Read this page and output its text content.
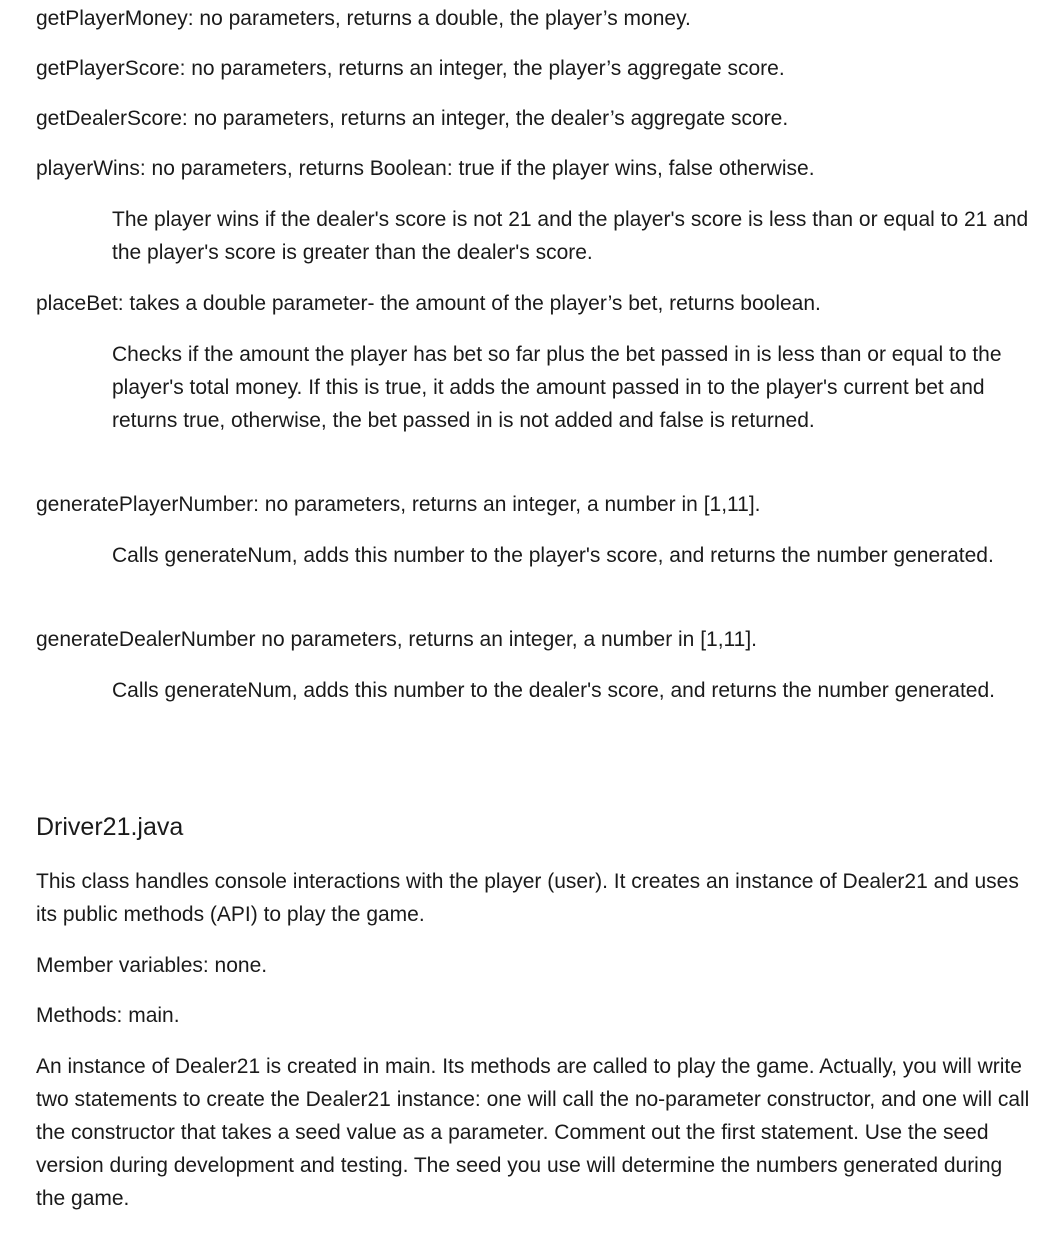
getPlayerMoney: no parameters, returns a double, the player’s money.
getPlayerScore: no parameters, returns an integer, the player’s aggregate score.
getDealerScore: no parameters, returns an integer, the dealer’s aggregate score.
playerWins: no parameters, returns Boolean: true if the player wins, false otherwise.

The player wins if the dealer's score is not 21 and the player's score is less than or equal to 21 and the player's score is greater than the dealer's score.

placeBet: takes a double parameter- the amount of the player’s bet, returns boolean.

Checks if the amount the player has bet so far plus the bet passed in is less than or equal to the player's total money. If this is true, it adds the amount passed in to the player's current bet and returns true, otherwise, the bet passed in is not added and false is returned.

generatePlayerNumber: no parameters, returns an integer, a number in [1,11].

Calls generateNum, adds this number to the player's score, and returns the number generated.

generateDealerNumber no parameters, returns an integer, a number in [1,11].

Calls generateNum, adds this number to the dealer's score, and returns the number generated.

Driver21.java

This class handles console interactions with the player (user). It creates an instance of Dealer21 and uses its public methods (API) to play the game.

Member variables: none.
Methods: main.

An instance of Dealer21 is created in main. Its methods are called to play the game. Actually, you will write two statements to create the Dealer21 instance: one will call the no-parameter constructor, and one will call the constructor that takes a seed value as a parameter. Comment out the first statement. Use the seed version during development and testing. The seed you use will determine the numbers generated during the game.
